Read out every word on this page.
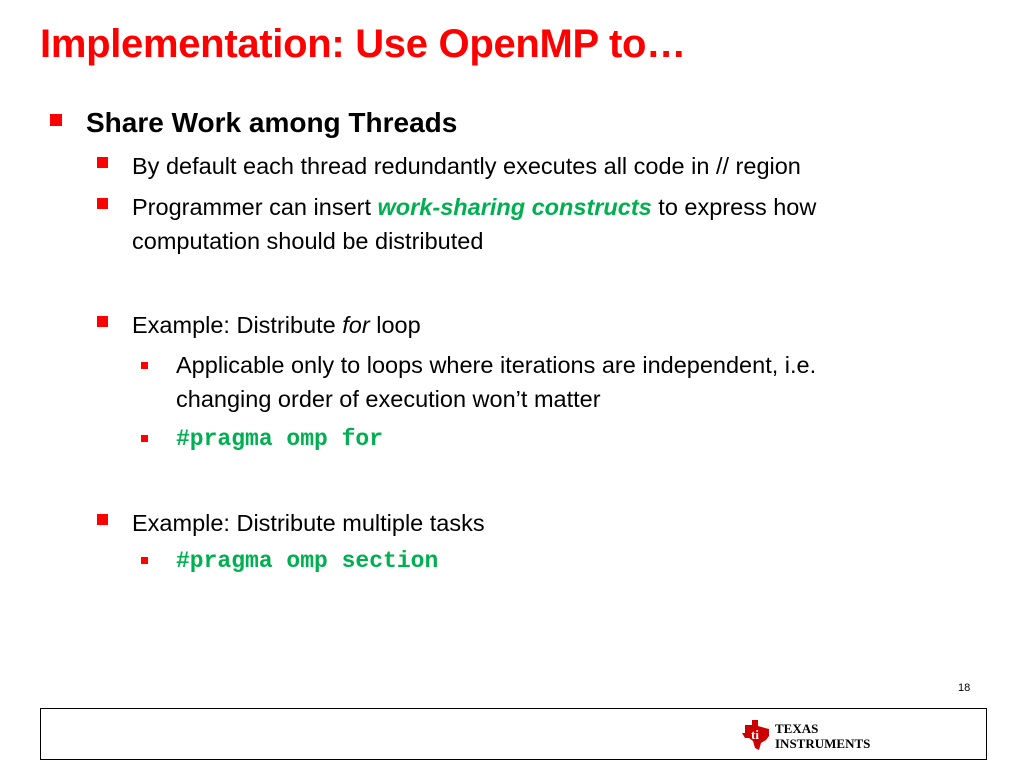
Implementation: Use OpenMP to…
Share Work among Threads
By default each thread redundantly executes all code in // region
Programmer can insert work-sharing constructs to express how
computation should be distributed
Example: Distribute for loop
Applicable only to loops where iterations are independent, i.e.
changing order of execution won’t matter
#pragma omp for
Example: Distribute multiple tasks
#pragma omp section
18
ti TEXAS
INSTRUMENTS
